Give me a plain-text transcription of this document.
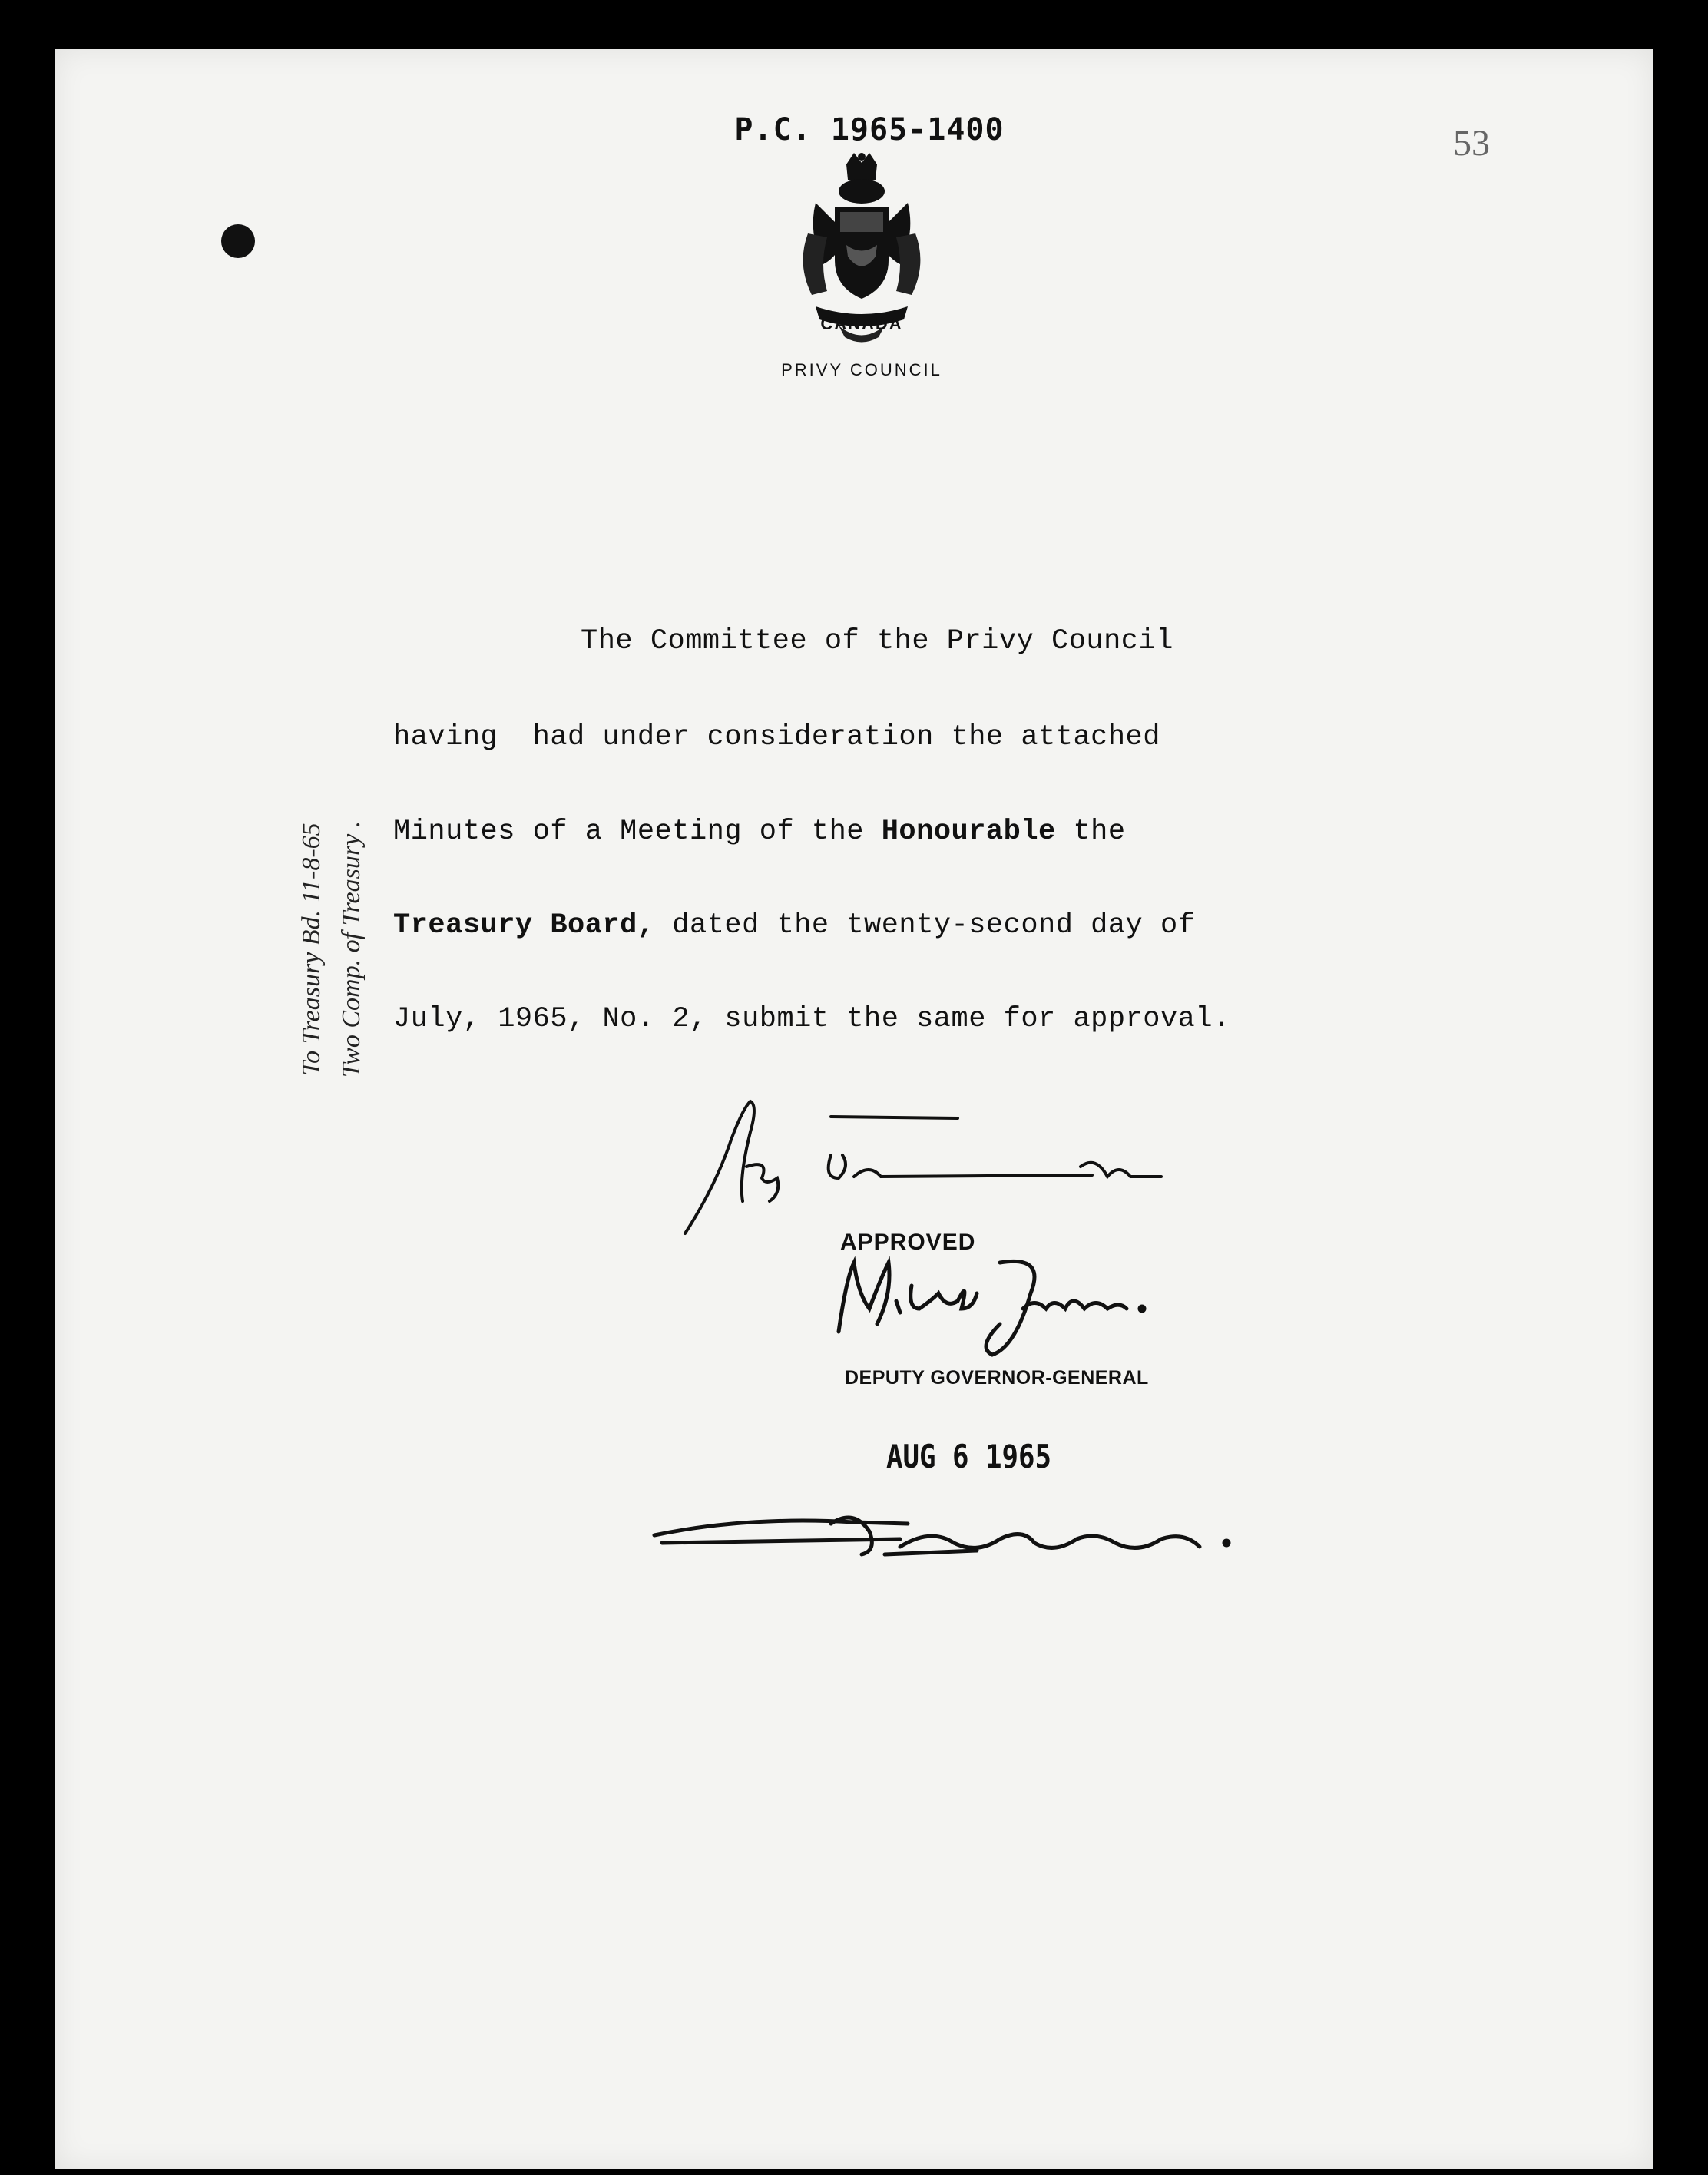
P.C. 1965-1400	53
CANADA
PRIVY COUNCIL
The Committee of the Privy Council
having  had under consideration the attached
Minutes of a Meeting of the Honourable the
Treasury Board, dated the twenty-second day of
July, 1965, No. 2, submit the same for approval.
APPROVED
DEPUTY GOVERNOR-GENERAL
AUG 6 1965
To Treasury Bd. 11-8-65 Two Comp. of Treasury .
